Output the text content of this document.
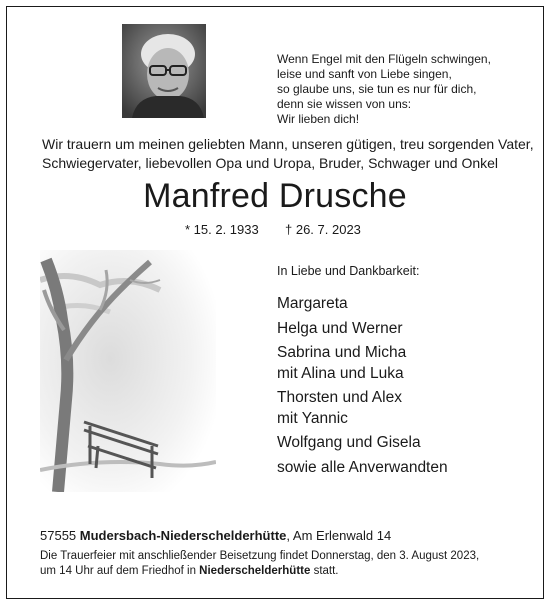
Wenn Engel mit den Flügeln schwingen,
leise und sanft von Liebe singen,
so glaube uns, sie tun es nur für dich,
denn sie wissen von uns:
Wir lieben dich!
Wir trauern um meinen geliebten Mann, unseren gütigen, treu sorgenden Vater,
Schwiegervater, liebevollen Opa und Uropa, Bruder, Schwager und Onkel
Manfred Drusche
* 15. 2. 1933 † 26. 7. 2023
In Liebe und Dankbarkeit:
Margareta
Helga und Werner
Sabrina und Micha
mit Alina und Luka
Thorsten und Alex
mit Yannic
Wolfgang und Gisela
sowie alle Anverwandten
57555 Mudersbach-Niederschelderhütte, Am Erlenwald 14
Die Trauerfeier mit anschließender Beisetzung findet Donnerstag, den 3. August 2023,
um 14 Uhr auf dem Friedhof in Niederschelderhütte statt.
